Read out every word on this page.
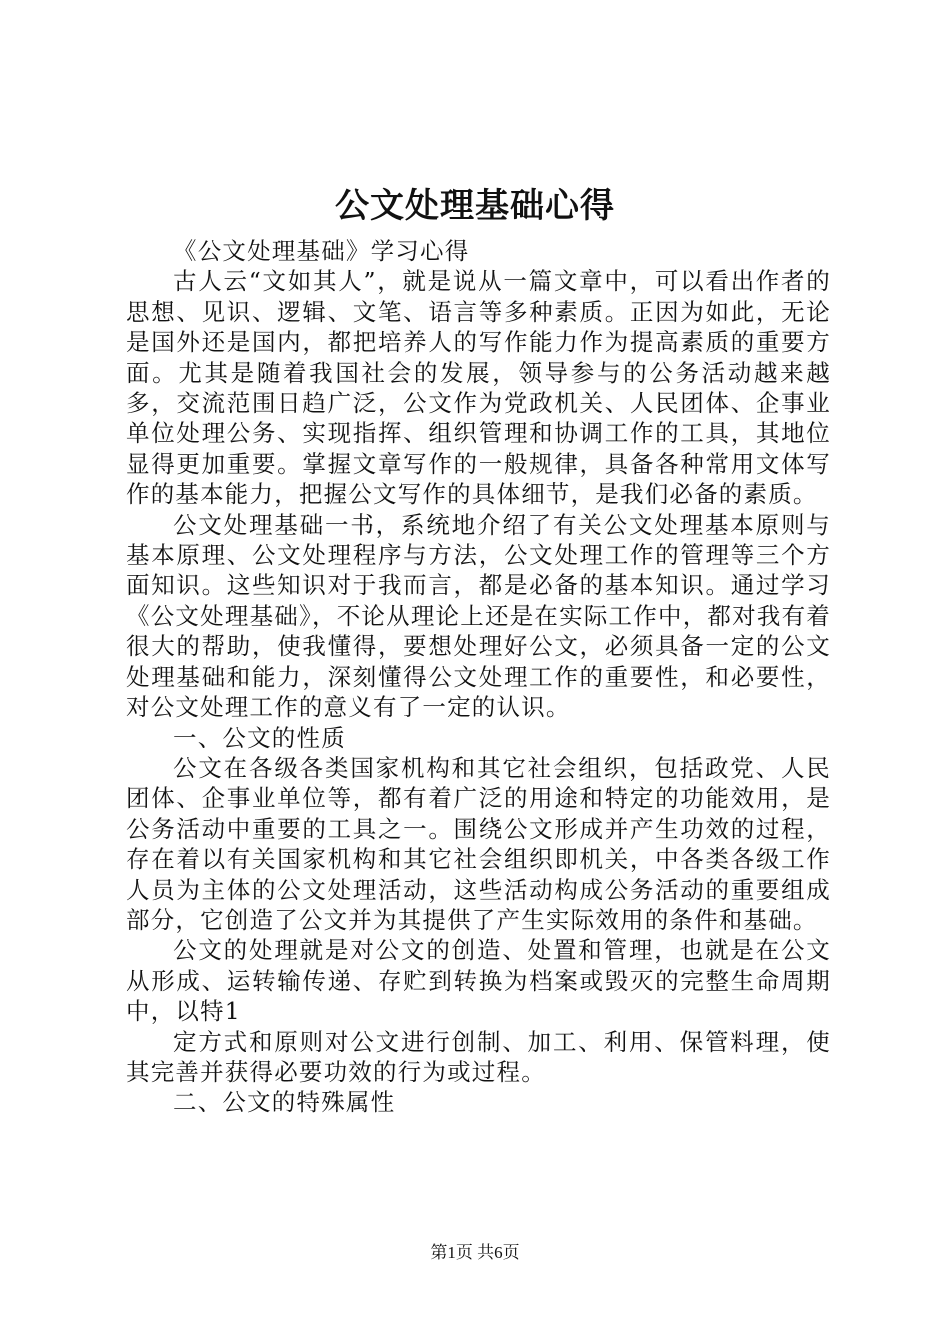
公文处理基础心得

《公文处理基础》学习心得

古人云“文如其人”，就是说从一篇文章中，可以看出作者的思想、见识、逻辑、文笔、语言等多种素质。正因为如此，无论是国外还是国内，都把培养人的写作能力作为提高素质的重要方面。尤其是随着我国社会的发展，领导参与的公务活动越来越多，交流范围日趋广泛，公文作为党政机关、人民团体、企事业单位处理公务、实现指挥、组织管理和协调工作的工具，其地位显得更加重要。掌握文章写作的一般规律，具备各种常用文体写作的基本能力，把握公文写作的具体细节，是我们必备的素质。

公文处理基础一书，系统地介绍了有关公文处理基本原则与基本原理、公文处理程序与方法，公文处理工作的管理等三个方面知识。这些知识对于我而言，都是必备的基本知识。通过学习《公文处理基础》，不论从理论上还是在实际工作中，都对我有着很大的帮助，使我懂得，要想处理好公文，必须具备一定的公文处理基础和能力，深刻懂得公文处理工作的重要性，和必要性，对公文处理工作的意义有了一定的认识。

一、公文的性质

公文在各级各类国家机构和其它社会组织，包括政党、人民团体、企事业单位等，都有着广泛的用途和特定的功能效用，是公务活动中重要的工具之一。围绕公文形成并产生功效的过程，存在着以有关国家机构和其它社会组织即机关，中各类各级工作人员为主体的公文处理活动，这些活动构成公务活动的重要组成部分，它创造了公文并为其提供了产生实际效用的条件和基础。

公文的处理就是对公文的创造、处置和管理，也就是在公文从形成、运转输传递、存贮到转换为档案或毁灭的完整生命周期中，以特1

定方式和原则对公文进行创制、加工、利用、保管料理，使其完善并获得必要功效的行为或过程。

二、公文的特殊属性

第1页 共6页
